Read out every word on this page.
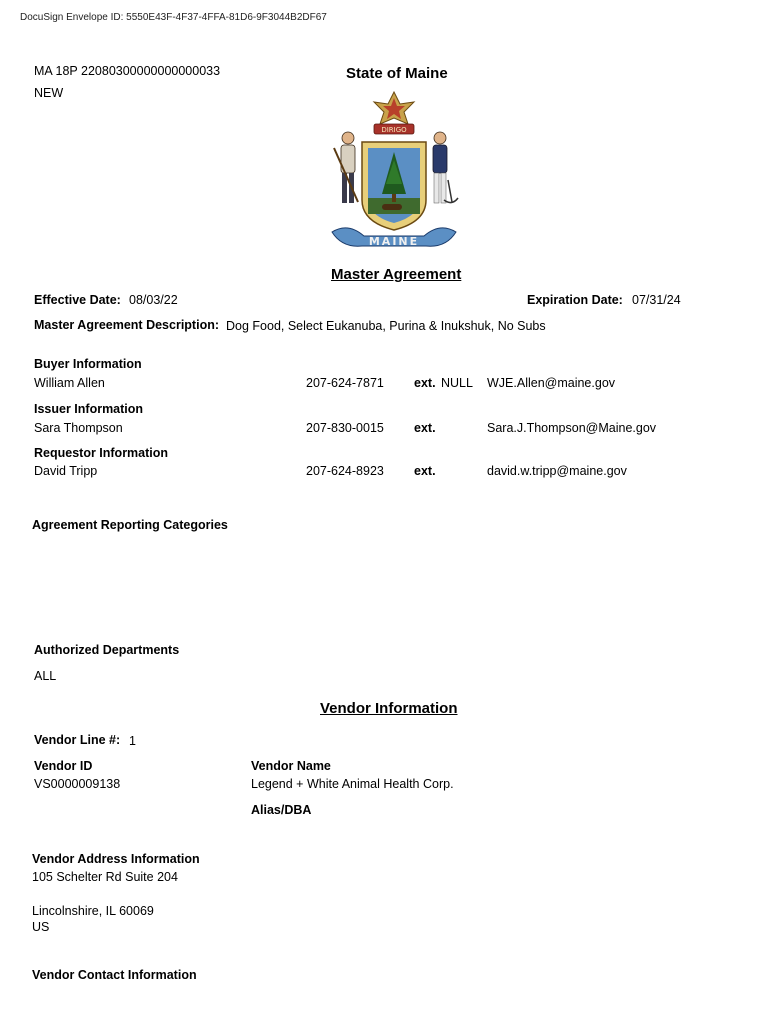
DocuSign Envelope ID: 5550E43F-4F37-4FFA-81D6-9F3044B2DF67
MA 18P 22080300000000000033
NEW
State of Maine
DIRIGO
MAINE
Master Agreement
Effective Date: 08/03/22	Expiration Date: 07/31/24
Master Agreement Description: Dog Food, Select Eukanuba, Purina & Inukshuk, No Subs
Buyer Information
William Allen	207-624-7871 ext. NULL WJE.Allen@maine.gov
Issuer Information
Sara Thompson	207-830-0015 ext.	Sara.J.Thompson@Maine.gov
Requestor Information
David Tripp	207-624-8923 ext.	david.w.tripp@maine.gov
Agreement Reporting Categories
Authorized Departments
ALL
Vendor Information
Vendor Line #: 1
Vendor ID
VS0000009138
Vendor Name
Legend + White Animal Health Corp.
Alias/DBA
Vendor Address Information
105 Schelter Rd Suite 204
Lincolnshire, IL 60069
US
Vendor Contact Information
